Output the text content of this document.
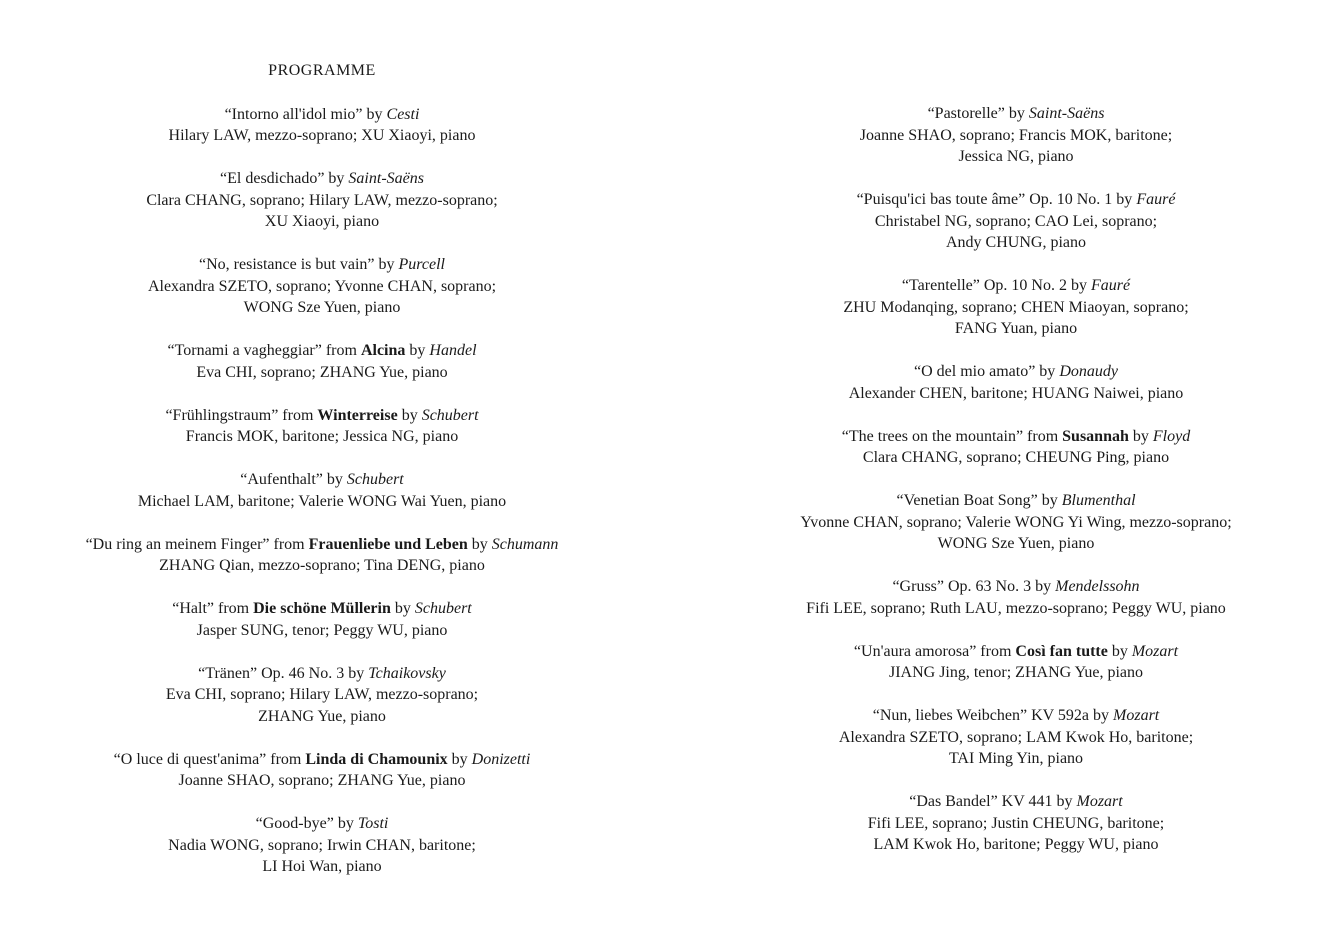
PROGRAMME
“Intorno all'idol mio” by Cesti
Hilary LAW, mezzo-soprano; XU Xiaoyi, piano
“El desdichado” by Saint-Saëns
Clara CHANG, soprano; Hilary LAW, mezzo-soprano;
XU Xiaoyi, piano
“No, resistance is but vain” by Purcell
Alexandra SZETO, soprano; Yvonne CHAN, soprano;
WONG Sze Yuen, piano
“Tornami a vagheggiar” from Alcina by Handel
Eva CHI, soprano; ZHANG Yue, piano
“Frühlingstraum” from Winterreise by Schubert
Francis MOK, baritone; Jessica NG, piano
“Aufenthalt” by Schubert
Michael LAM, baritone; Valerie WONG Wai Yuen, piano
“Du ring an meinem Finger” from Frauenliebe und Leben by Schumann
ZHANG Qian, mezzo-soprano; Tina DENG, piano
“Halt” from Die schöne Müllerin by Schubert
Jasper SUNG, tenor; Peggy WU, piano
“Tränen” Op. 46 No. 3 by Tchaikovsky
Eva CHI, soprano; Hilary LAW, mezzo-soprano;
ZHANG Yue, piano
“O luce di quest'anima” from Linda di Chamounix by Donizetti
Joanne SHAO, soprano; ZHANG Yue, piano
“Good-bye” by Tosti
Nadia WONG, soprano; Irwin CHAN, baritone;
LI Hoi Wan, piano
“Pastorelle” by Saint-Saëns
Joanne SHAO, soprano; Francis MOK, baritone;
Jessica NG, piano
“Puisqu'ici bas toute âme” Op. 10 No. 1 by Fauré
Christabel NG, soprano; CAO Lei, soprano;
Andy CHUNG, piano
“Tarentelle” Op. 10 No. 2 by Fauré
ZHU Modanqing, soprano; CHEN Miaoyan, soprano;
FANG Yuan, piano
“O del mio amato” by Donaudy
Alexander CHEN, baritone; HUANG Naiwei, piano
“The trees on the mountain” from Susannah by Floyd
Clara CHANG, soprano; CHEUNG Ping, piano
“Venetian Boat Song” by Blumenthal
Yvonne CHAN, soprano; Valerie WONG Yi Wing, mezzo-soprano;
WONG Sze Yuen, piano
“Gruss” Op. 63 No. 3 by Mendelssohn
Fifi LEE, soprano; Ruth LAU, mezzo-soprano; Peggy WU, piano
“Un'aura amorosa” from Così fan tutte by Mozart
JIANG Jing, tenor; ZHANG Yue, piano
“Nun, liebes Weibchen” KV 592a by Mozart
Alexandra SZETO, soprano; LAM Kwok Ho, baritone;
TAI Ming Yin, piano
“Das Bandel” KV 441 by Mozart
Fifi LEE, soprano; Justin CHEUNG, baritone;
LAM Kwok Ho, baritone; Peggy WU, piano
